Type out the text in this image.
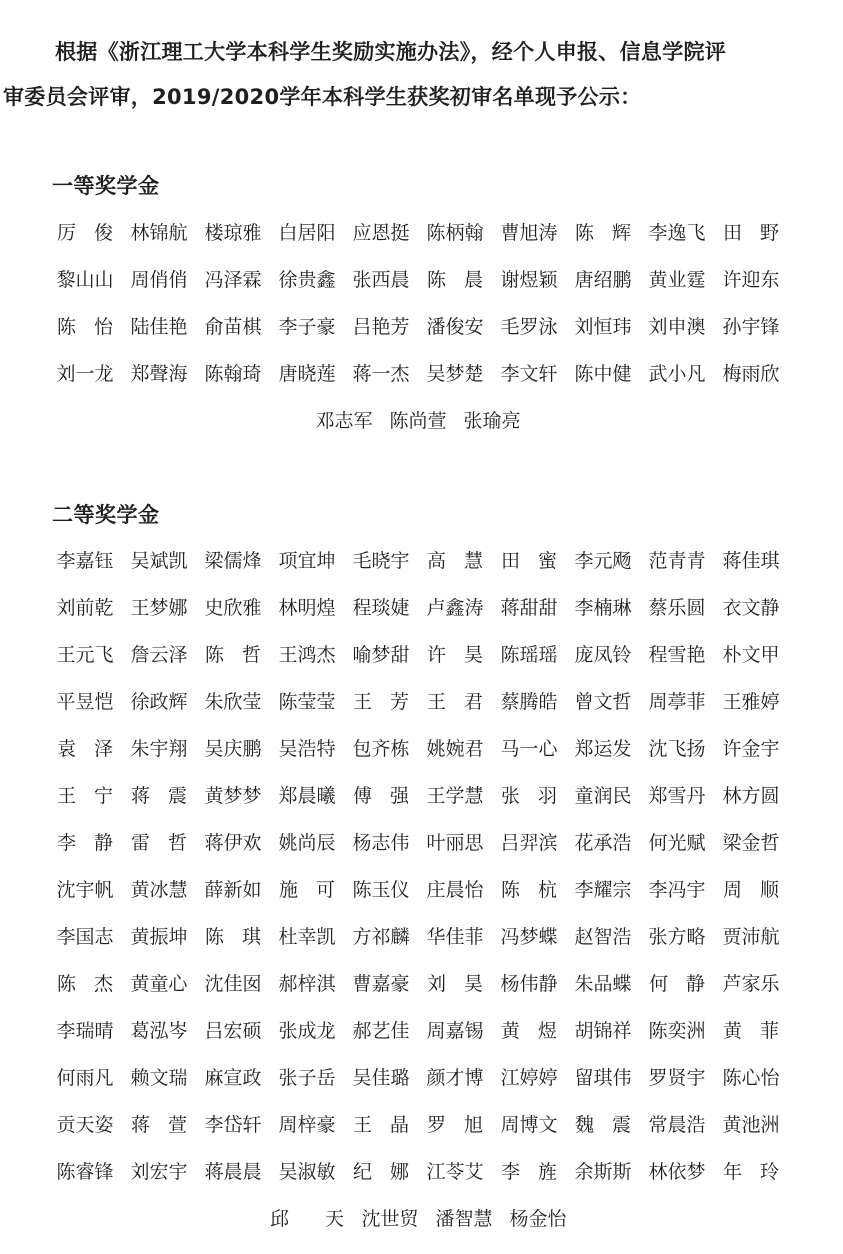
根据《浙江理工大学本科学生奖励实施办法》，经个人申报、信息学院评
审委员会评审，2019/2020学年本科学生获奖初审名单现予公示：
一等奖学金
厉 俊 林锦航 楼琼雅 白居阳 应恩挺 陈柄翰 曹旭涛 陈 辉 李逸飞 田 野
黎山山 周俏俏 冯泽霖 徐贵鑫 张西晨 陈 晨 谢煜颖 唐绍鹏 黄业霆 许迎东
陈 怡 陆佳艳 俞苗棋 李子豪 吕艳芳 潘俊安 毛罗泳 刘恒玮 刘申澳 孙宇锋
刘一龙 郑聲海 陈翰琦 唐晓莲 蒋一杰 吴梦楚 李文轩 陈中健 武小凡 梅雨欣
邓志军 陈尚萱 张瑜亮
二等奖学金
李嘉钰 吴斌凯 梁儒烽 项宜坤 毛晓宇 高 慧 田 蜜 李元飏 范青青 蒋佳琪
刘前乾 王梦娜 史欣雅 林明煌 程琰婕 卢鑫涛 蒋甜甜 李楠琳 蔡乐圆 衣文静
王元飞 詹云泽 陈 哲 王鸿杰 喻梦甜 许 昊 陈瑶瑶 庞凤铃 程雪艳 朴文甲
平昱恺 徐政辉 朱欣莹 陈莹莹 王 芳 王 君 蔡腾皓 曾文哲 周葶菲 王雅婷
袁 泽 朱宇翔 吴庆鹏 吴浩特 包齐栋 姚婉君 马一心 郑运发 沈飞扬 许金宇
王 宁 蒋 震 黄梦梦 郑晨曦 傅 强 王学慧 张 羽 童润民 郑雪丹 林方圆
李 静 雷 哲 蒋伊欢 姚尚辰 杨志伟 叶丽思 吕羿滨 花承浩 何光赋 梁金哲
沈宇帆 黄冰慧 薛新如 施 可 陈玉仪 庄晨怡 陈 杭 李耀宗 李冯宇 周 顺
李国志 黄振坤 陈 琪 杜幸凯 方祁麟 华佳菲 冯梦蝶 赵智浩 张方略 贾沛航
陈 杰 黄童心 沈佳囡 郝梓淇 曹嘉豪 刘 昊 杨伟静 朱品蝶 何 静 芦家乐
李瑞晴 葛泓岑 吕宏硕 张成龙 郝艺佳 周嘉锡 黄 煜 胡锦祥 陈奕洲 黄 菲
何雨凡 赖文瑞 麻宣政 张子岳 吴佳璐 颜才博 江婷婷 留琪伟 罗贤宇 陈心怡
贡天姿 蒋 萱 李岱轩 周梓豪 王 晶 罗 旭 周博文 魏 震 常晨浩 黄池洲
陈睿锋 刘宏宇 蒋晨晨 吴淑敏 纪 娜 江苓艾 李 旌 余斯斯 林依梦 年 玲
邱 天 沈世贸 潘智慧 杨金怡
